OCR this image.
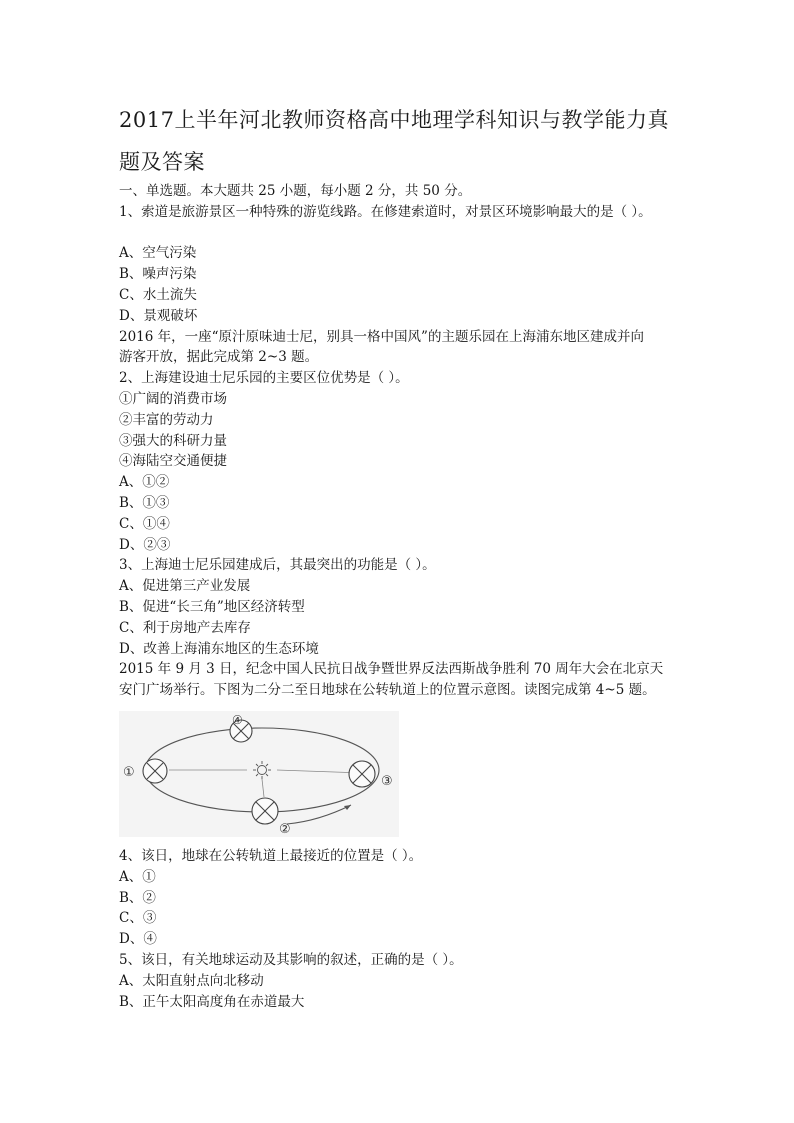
2017上半年河北教师资格高中地理学科知识与教学能力真
题及答案
一、单选题。本大题共 25 小题，每小题 2 分，共 50 分。
1、索道是旅游景区一种特殊的游览线路。在修建索道时，对景区环境影响最大的是（ ）。
A、空气污染
B、噪声污染
C、水土流失
D、景观破坏
2016 年，一座“原汁原味迪士尼，别具一格中国风”的主题乐园在上海浦东地区建成并向
游客开放，据此完成第 2~3 题。
2、上海建设迪士尼乐园的主要区位优势是（ ）。
①广阔的消费市场
②丰富的劳动力
③强大的科研力量
④海陆空交通便捷
A、①②
B、①③
C、①④
D、②③
3、上海迪士尼乐园建成后，其最突出的功能是（ ）。
A、促进第三产业发展
B、促进“长三角”地区经济转型
C、利于房地产去库存
D、改善上海浦东地区的生态环境
2015 年 9 月 3 日，纪念中国人民抗日战争暨世界反法西斯战争胜利 70 周年大会在北京天
安门广场举行。下图为二分二至日地球在公转轨道上的位置示意图。读图完成第 4~5 题。
①
②
③
④
4、该日，地球在公转轨道上最接近的位置是（ ）。
A、①
B、②
C、③
D、④
5、该日，有关地球运动及其影响的叙述，正确的是（ ）。
A、太阳直射点向北移动
B、正午太阳高度角在赤道最大
